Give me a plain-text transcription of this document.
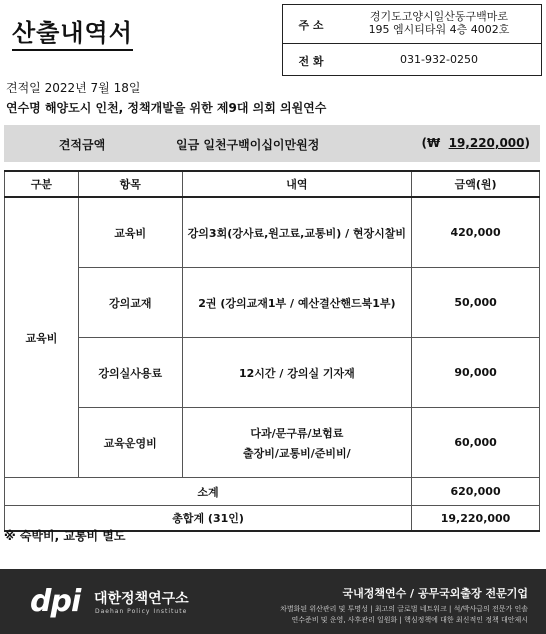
산출내역서	주 소
경기도고양시일산동구백마로
195 엠시티타워 4층 4002호
전 화	031-932-0250
견적일 2022년 7월 18일
연수명 해양도시 인천, 정책개발을 위한 제9대 의회 의원연수
견적금액	일금 일천구백이십이만원정	(₩ 19,220,000)
구분	항목	내역	금액(원)
교육비	교육비	강의3회(강사료,원고료,교통비) / 현장시찰비	420,000
	강의교재	2권 (강의교재1부 / 예산결산핸드북1부)	50,000
	강의실사용료	12시간 / 강의실 기자재	90,000
	교육운영비	다과/문구류/보험료
출장비/교통비/준비비/	60,000
소계			620,000
총합계 (31인)			19,220,000
※ 숙박비, 교통비 별도
dpi 대한정책연구소
Daehan Policy Institute
국내정책연수 / 공무국외출장 전문기업
차별화된 위산관리 및 투명성 | 최고의 글로벌 네트워크 | 석/박사급의 전문가 인솔
연수준비 및 운영, 사후관리 일원화 | 핵심정책에 대한 최신적인 정책 대안제시
